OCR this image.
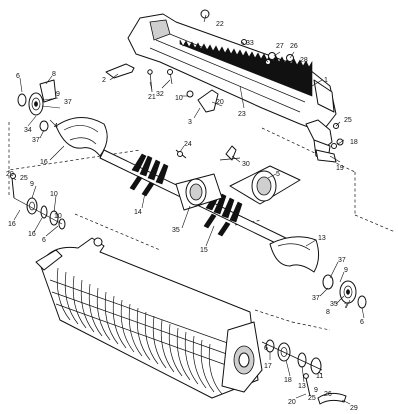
22
33	27 26
31	28
1
2
21 32
10
3
23
20
25
18
19
6	8
9
37
34
37
4
16
24
30
5
14
15
35
13
37
9
37
35 7
8
6
20
25
9
10
16
16
6
10
17
18
13
11
9
26
25
20
29
6
